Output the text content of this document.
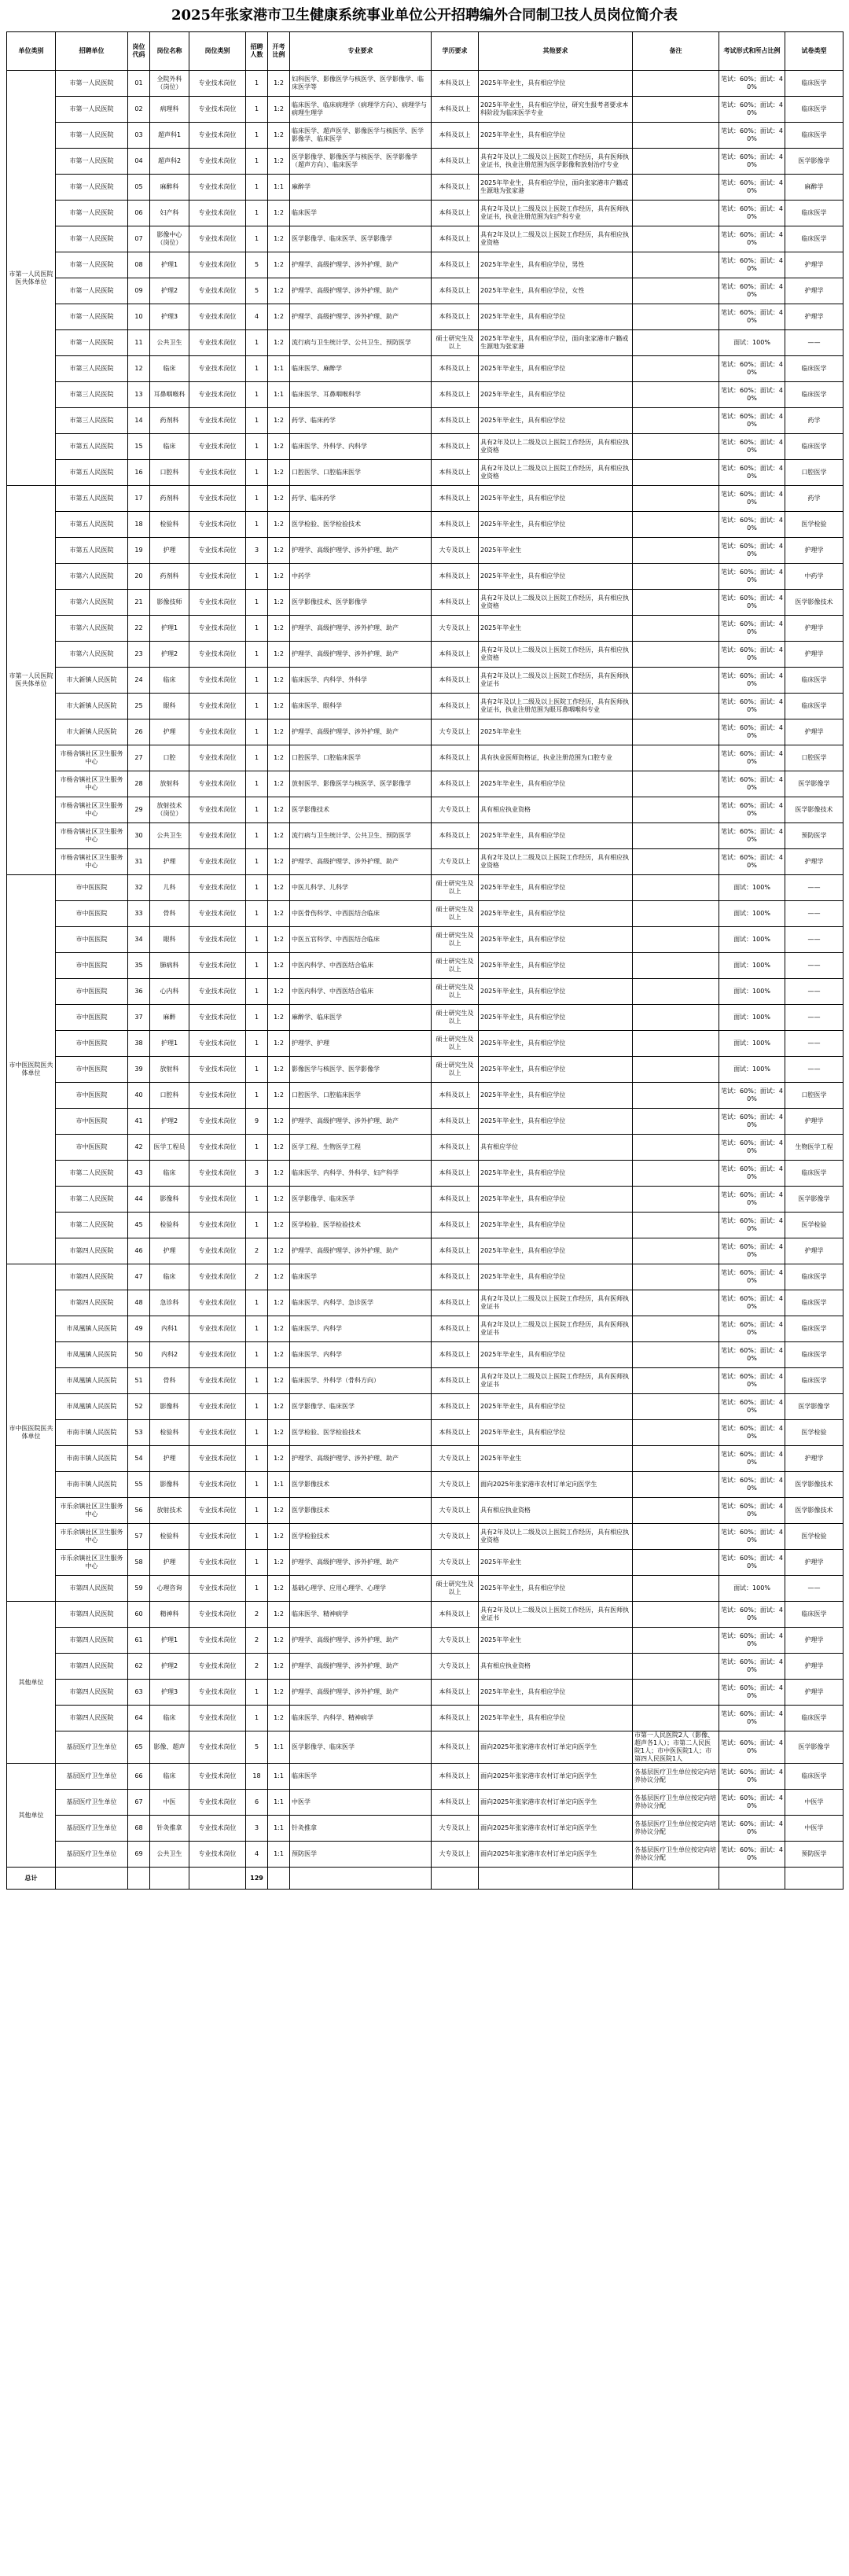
2025年张家港市卫生健康系统事业单位公开招聘编外合同制卫技人员岗位简介表
单位类别	招聘单位	岗位代码	岗位名称	岗位类别	招聘人数	开考比例	专业要求	学历要求	其他要求	备注	考试形式和所占比例	试卷类型
市第一人民医院医共体单位	市第一人民医院	01	全院外科（岗位）	专业技术岗位	1	1:2	妇科医学、影像医学与核医学、医学影像学、临床医学等	本科及以上	2025年毕业生，具有相应学位		笔试：60%；面试：40%	临床医学
	市第一人民医院	02	病理科	专业技术岗位	1	1:2	临床医学、临床病理学（病理学方向）、病理学与病理生理学	本科及以上	2025年毕业生，具有相应学位，研究生报考者要求本科阶段为临床医学专业		笔试：60%；面试：40%	临床医学
	市第一人民医院	03	超声科1	专业技术岗位	1	1:2	临床医学、超声医学、影像医学与核医学、医学影像学、临床医学	本科及以上	2025年毕业生，具有相应学位		笔试：60%；面试：40%	临床医学
	市第一人民医院	04	超声科2	专业技术岗位	1	1:2	医学影像学、影像医学与核医学、医学影像学（超声方向）、临床医学	本科及以上	具有2年及以上二级及以上医院工作经历，具有医师执业证书，执业注册范围为医学影像和放射治疗专业		笔试：60%；面试：40%	医学影像学
	市第一人民医院	05	麻醉科	专业技术岗位	1	1:1	麻醉学	本科及以上	2025年毕业生，具有相应学位，面向张家港市户籍或生源地为张家港		笔试：60%；面试：40%	麻醉学
	市第一人民医院	06	妇产科	专业技术岗位	1	1:2	临床医学	本科及以上	具有2年及以上二级及以上医院工作经历，具有医师执业证书，执业注册范围为妇产科专业		笔试：60%；面试：40%	临床医学
	市第一人民医院	07	影像中心（岗位）	专业技术岗位	1	1:2	医学影像学、临床医学、医学影像学	本科及以上	具有2年及以上二级及以上医院工作经历，具有相应执业资格		笔试：60%；面试：40%	临床医学
	市第一人民医院	08	护理1	专业技术岗位	5	1:2	护理学、高级护理学、涉外护理、助产	本科及以上	2025年毕业生，具有相应学位，男性		笔试：60%；面试：40%	护理学
	市第一人民医院	09	护理2	专业技术岗位	5	1:2	护理学、高级护理学、涉外护理、助产	本科及以上	2025年毕业生，具有相应学位，女性		笔试：60%；面试：40%	护理学
	市第一人民医院	10	护理3	专业技术岗位	4	1:2	护理学、高级护理学、涉外护理、助产	本科及以上	2025年毕业生，具有相应学位		笔试：60%；面试：40%	护理学
	市第一人民医院	11	公共卫生	专业技术岗位	1	1:2	流行病与卫生统计学、公共卫生、预防医学	硕士研究生及以上	2025年毕业生，具有相应学位，面向张家港市户籍或生源地为张家港		面试：100%	——
	市第三人民医院	12	临床	专业技术岗位	1	1:1	临床医学、麻醉学	本科及以上	2025年毕业生，具有相应学位		笔试：60%；面试：40%	临床医学
	市第三人民医院	13	耳鼻咽喉科	专业技术岗位	1	1:1	临床医学、耳鼻咽喉科学	本科及以上	2025年毕业生，具有相应学位		笔试：60%；面试：40%	临床医学
	市第三人民医院	14	药剂科	专业技术岗位	1	1:2	药学、临床药学	本科及以上	2025年毕业生，具有相应学位		笔试：60%；面试：40%	药学
	市第五人民医院	15	临床	专业技术岗位	1	1:2	临床医学、外科学、内科学	本科及以上	具有2年及以上二级及以上医院工作经历，具有相应执业资格		笔试：60%；面试：40%	临床医学
	市第五人民医院	16	口腔科	专业技术岗位	1	1:2	口腔医学、口腔临床医学	本科及以上	具有2年及以上二级及以上医院工作经历，具有相应执业资格		笔试：60%；面试：40%	口腔医学
市第一人民医院医共体单位	市第五人民医院	17	药剂科	专业技术岗位	1	1:2	药学、临床药学	本科及以上	2025年毕业生，具有相应学位		笔试：60%；面试：40%	药学
	市第五人民医院	18	检验科	专业技术岗位	1	1:2	医学检验、医学检验技术	本科及以上	2025年毕业生，具有相应学位		笔试：60%；面试：40%	医学检验
	市第五人民医院	19	护理	专业技术岗位	3	1:2	护理学、高级护理学、涉外护理、助产	大专及以上	2025年毕业生		笔试：60%；面试：40%	护理学
	市第六人民医院	20	药剂科	专业技术岗位	1	1:2	中药学	本科及以上	2025年毕业生，具有相应学位		笔试：60%；面试：40%	中药学
	市第六人民医院	21	影像技师	专业技术岗位	1	1:2	医学影像技术、医学影像学	本科及以上	具有2年及以上二级及以上医院工作经历，具有相应执业资格		笔试：60%；面试：40%	医学影像技术
	市第六人民医院	22	护理1	专业技术岗位	1	1:2	护理学、高级护理学、涉外护理、助产	大专及以上	2025年毕业生		笔试：60%；面试：40%	护理学
	市第六人民医院	23	护理2	专业技术岗位	1	1:2	护理学、高级护理学、涉外护理、助产	本科及以上	具有2年及以上二级及以上医院工作经历，具有相应执业资格		笔试：60%；面试：40%	护理学
	市大新镇人民医院	24	临床	专业技术岗位	1	1:2	临床医学、内科学、外科学	本科及以上	具有2年及以上二级及以上医院工作经历，具有医师执业证书		笔试：60%；面试：40%	临床医学
	市大新镇人民医院	25	眼科	专业技术岗位	1	1:2	临床医学、眼科学	本科及以上	具有2年及以上二级及以上医院工作经历，具有医师执业证书，执业注册范围为眼耳鼻咽喉科专业		笔试：60%；面试：40%	临床医学
	市大新镇人民医院	26	护理	专业技术岗位	1	1:2	护理学、高级护理学、涉外护理、助产	大专及以上	2025年毕业生		笔试：60%；面试：40%	护理学
	市杨舍镇社区卫生服务中心	27	口腔	专业技术岗位	1	1:2	口腔医学、口腔临床医学	本科及以上	具有执业医师资格证，执业注册范围为口腔专业		笔试：60%；面试：40%	口腔医学
	市杨舍镇社区卫生服务中心	28	放射科	专业技术岗位	1	1:2	放射医学、影像医学与核医学、医学影像学	本科及以上	2025年毕业生，具有相应学位		笔试：60%；面试：40%	医学影像学
	市杨舍镇社区卫生服务中心	29	放射技术（岗位）	专业技术岗位	1	1:2	医学影像技术	大专及以上	具有相应执业资格		笔试：60%；面试：40%	医学影像技术
	市杨舍镇社区卫生服务中心	30	公共卫生	专业技术岗位	1	1:2	流行病与卫生统计学、公共卫生、预防医学	本科及以上	2025年毕业生，具有相应学位		笔试：60%；面试：40%	预防医学
	市杨舍镇社区卫生服务中心	31	护理	专业技术岗位	1	1:2	护理学、高级护理学、涉外护理、助产	大专及以上	具有2年及以上二级及以上医院工作经历，具有相应执业资格		笔试：60%；面试：40%	护理学
市中医医院医共体单位	市中医医院	32	儿科	专业技术岗位	1	1:2	中医儿科学、儿科学	硕士研究生及以上	2025年毕业生，具有相应学位		面试：100%	——
	市中医医院	33	骨科	专业技术岗位	1	1:2	中医骨伤科学、中西医结合临床	硕士研究生及以上	2025年毕业生，具有相应学位		面试：100%	——
	市中医医院	34	眼科	专业技术岗位	1	1:2	中医五官科学、中西医结合临床	硕士研究生及以上	2025年毕业生，具有相应学位		面试：100%	——
	市中医医院	35	肺病科	专业技术岗位	1	1:2	中医内科学、中西医结合临床	硕士研究生及以上	2025年毕业生，具有相应学位		面试：100%	——
	市中医医院	36	心内科	专业技术岗位	1	1:2	中医内科学、中西医结合临床	硕士研究生及以上	2025年毕业生，具有相应学位		面试：100%	——
	市中医医院	37	麻醉	专业技术岗位	1	1:2	麻醉学、临床医学	硕士研究生及以上	2025年毕业生，具有相应学位		面试：100%	——
	市中医医院	38	护理1	专业技术岗位	1	1:2	护理学、护理	硕士研究生及以上	2025年毕业生，具有相应学位		面试：100%	——
	市中医医院	39	放射科	专业技术岗位	1	1:2	影像医学与核医学、医学影像学	硕士研究生及以上	2025年毕业生，具有相应学位		面试：100%	——
	市中医医院	40	口腔科	专业技术岗位	1	1:2	口腔医学、口腔临床医学	本科及以上	2025年毕业生，具有相应学位		笔试：60%；面试：40%	口腔医学
	市中医医院	41	护理2	专业技术岗位	9	1:2	护理学、高级护理学、涉外护理、助产	本科及以上	2025年毕业生，具有相应学位		笔试：60%；面试：40%	护理学
	市中医医院	42	医学工程员	专业技术岗位	1	1:2	医学工程、生物医学工程	本科及以上	具有相应学位		笔试：60%；面试：40%	生物医学工程
	市第二人民医院	43	临床	专业技术岗位	3	1:2	临床医学、内科学、外科学、妇产科学	本科及以上	2025年毕业生，具有相应学位		笔试：60%；面试：40%	临床医学
	市第二人民医院	44	影像科	专业技术岗位	1	1:2	医学影像学、临床医学	本科及以上	2025年毕业生，具有相应学位		笔试：60%；面试：40%	医学影像学
	市第二人民医院	45	检验科	专业技术岗位	1	1:2	医学检验、医学检验技术	本科及以上	2025年毕业生，具有相应学位		笔试：60%；面试：40%	医学检验
	市第四人民医院	46	护理	专业技术岗位	2	1:2	护理学、高级护理学、涉外护理、助产	本科及以上	2025年毕业生，具有相应学位		笔试：60%；面试：40%	护理学
市中医医院医共体单位	市第四人民医院	47	临床	专业技术岗位	2	1:2	临床医学	本科及以上	2025年毕业生，具有相应学位		笔试：60%；面试：40%	临床医学
	市第四人民医院	48	急诊科	专业技术岗位	1	1:2	临床医学、内科学、急诊医学	本科及以上	具有2年及以上二级及以上医院工作经历，具有医师执业证书		笔试：60%；面试：40%	临床医学
	市凤凰镇人民医院	49	内科1	专业技术岗位	1	1:2	临床医学、内科学	本科及以上	具有2年及以上二级及以上医院工作经历，具有医师执业证书		笔试：60%；面试：40%	临床医学
	市凤凰镇人民医院	50	内科2	专业技术岗位	1	1:2	临床医学、内科学	本科及以上	2025年毕业生，具有相应学位		笔试：60%；面试：40%	临床医学
	市凤凰镇人民医院	51	骨科	专业技术岗位	1	1:2	临床医学、外科学（骨科方向）	本科及以上	具有2年及以上二级及以上医院工作经历，具有医师执业证书		笔试：60%；面试：40%	临床医学
	市凤凰镇人民医院	52	影像科	专业技术岗位	1	1:2	医学影像学、临床医学	本科及以上	2025年毕业生，具有相应学位		笔试：60%；面试：40%	医学影像学
	市南丰镇人民医院	53	检验科	专业技术岗位	1	1:2	医学检验、医学检验技术	本科及以上	2025年毕业生，具有相应学位		笔试：60%；面试：40%	医学检验
	市南丰镇人民医院	54	护理	专业技术岗位	1	1:2	护理学、高级护理学、涉外护理、助产	大专及以上	2025年毕业生		笔试：60%；面试：40%	护理学
	市南丰镇人民医院	55	影像科	专业技术岗位	1	1:1	医学影像技术	大专及以上	面向2025年张家港市农村订单定向医学生		笔试：60%；面试：40%	医学影像技术
	市乐余镇社区卫生服务中心	56	放射技术	专业技术岗位	1	1:2	医学影像技术	大专及以上	具有相应执业资格		笔试：60%；面试：40%	医学影像技术
	市乐余镇社区卫生服务中心	57	检验科	专业技术岗位	1	1:2	医学检验技术	大专及以上	具有2年及以上二级及以上医院工作经历，具有相应执业资格		笔试：60%；面试：40%	医学检验
	市乐余镇社区卫生服务中心	58	护理	专业技术岗位	1	1:2	护理学、高级护理学、涉外护理、助产	大专及以上	2025年毕业生		笔试：60%；面试：40%	护理学
	市第四人民医院	59	心理咨询	专业技术岗位	1	1:2	基础心理学、应用心理学、心理学	硕士研究生及以上	2025年毕业生，具有相应学位		面试：100%	——
其他单位	市第四人民医院	60	精神科	专业技术岗位	2	1:2	临床医学、精神病学	本科及以上	具有2年及以上二级及以上医院工作经历，具有医师执业证书		笔试：60%；面试：40%	临床医学
	市第四人民医院	61	护理1	专业技术岗位	2	1:2	护理学、高级护理学、涉外护理、助产	大专及以上	2025年毕业生		笔试：60%；面试：40%	护理学
	市第四人民医院	62	护理2	专业技术岗位	2	1:2	护理学、高级护理学、涉外护理、助产	大专及以上	具有相应执业资格		笔试：60%；面试：40%	护理学
	市第四人民医院	63	护理3	专业技术岗位	1	1:2	护理学、高级护理学、涉外护理、助产	本科及以上	2025年毕业生，具有相应学位		笔试：60%；面试：40%	护理学
	市第四人民医院	64	临床	专业技术岗位	1	1:2	临床医学、内科学、精神病学	本科及以上	2025年毕业生，具有相应学位		笔试：60%；面试：40%	临床医学
	基层医疗卫生单位	65	影像、超声	专业技术岗位	5	1:1	医学影像学、临床医学	本科及以上	面向2025年张家港市农村订单定向医学生	市第一人民医院2人（影像、超声各1人）；市第二人民医院1人；市中医医院1人；市第四人民医院1人	笔试：60%；面试：40%	医学影像学
其他单位	基层医疗卫生单位	66	临床	专业技术岗位	18	1:1	临床医学	本科及以上	面向2025年张家港市农村订单定向医学生	各基层医疗卫生单位按定向培养协议分配	笔试：60%；面试：40%	临床医学
	基层医疗卫生单位	67	中医	专业技术岗位	6	1:1	中医学	本科及以上	面向2025年张家港市农村订单定向医学生	各基层医疗卫生单位按定向培养协议分配	笔试：60%；面试：40%	中医学
	基层医疗卫生单位	68	针灸推拿	专业技术岗位	3	1:1	针灸推拿	大专及以上	面向2025年张家港市农村订单定向医学生	各基层医疗卫生单位按定向培养协议分配	笔试：60%；面试：40%	中医学
	基层医疗卫生单位	69	公共卫生	专业技术岗位	4	1:1	预防医学	大专及以上	面向2025年张家港市农村订单定向医学生	各基层医疗卫生单位按定向培养协议分配	笔试：60%；面试：40%	预防医学
总计					129							
